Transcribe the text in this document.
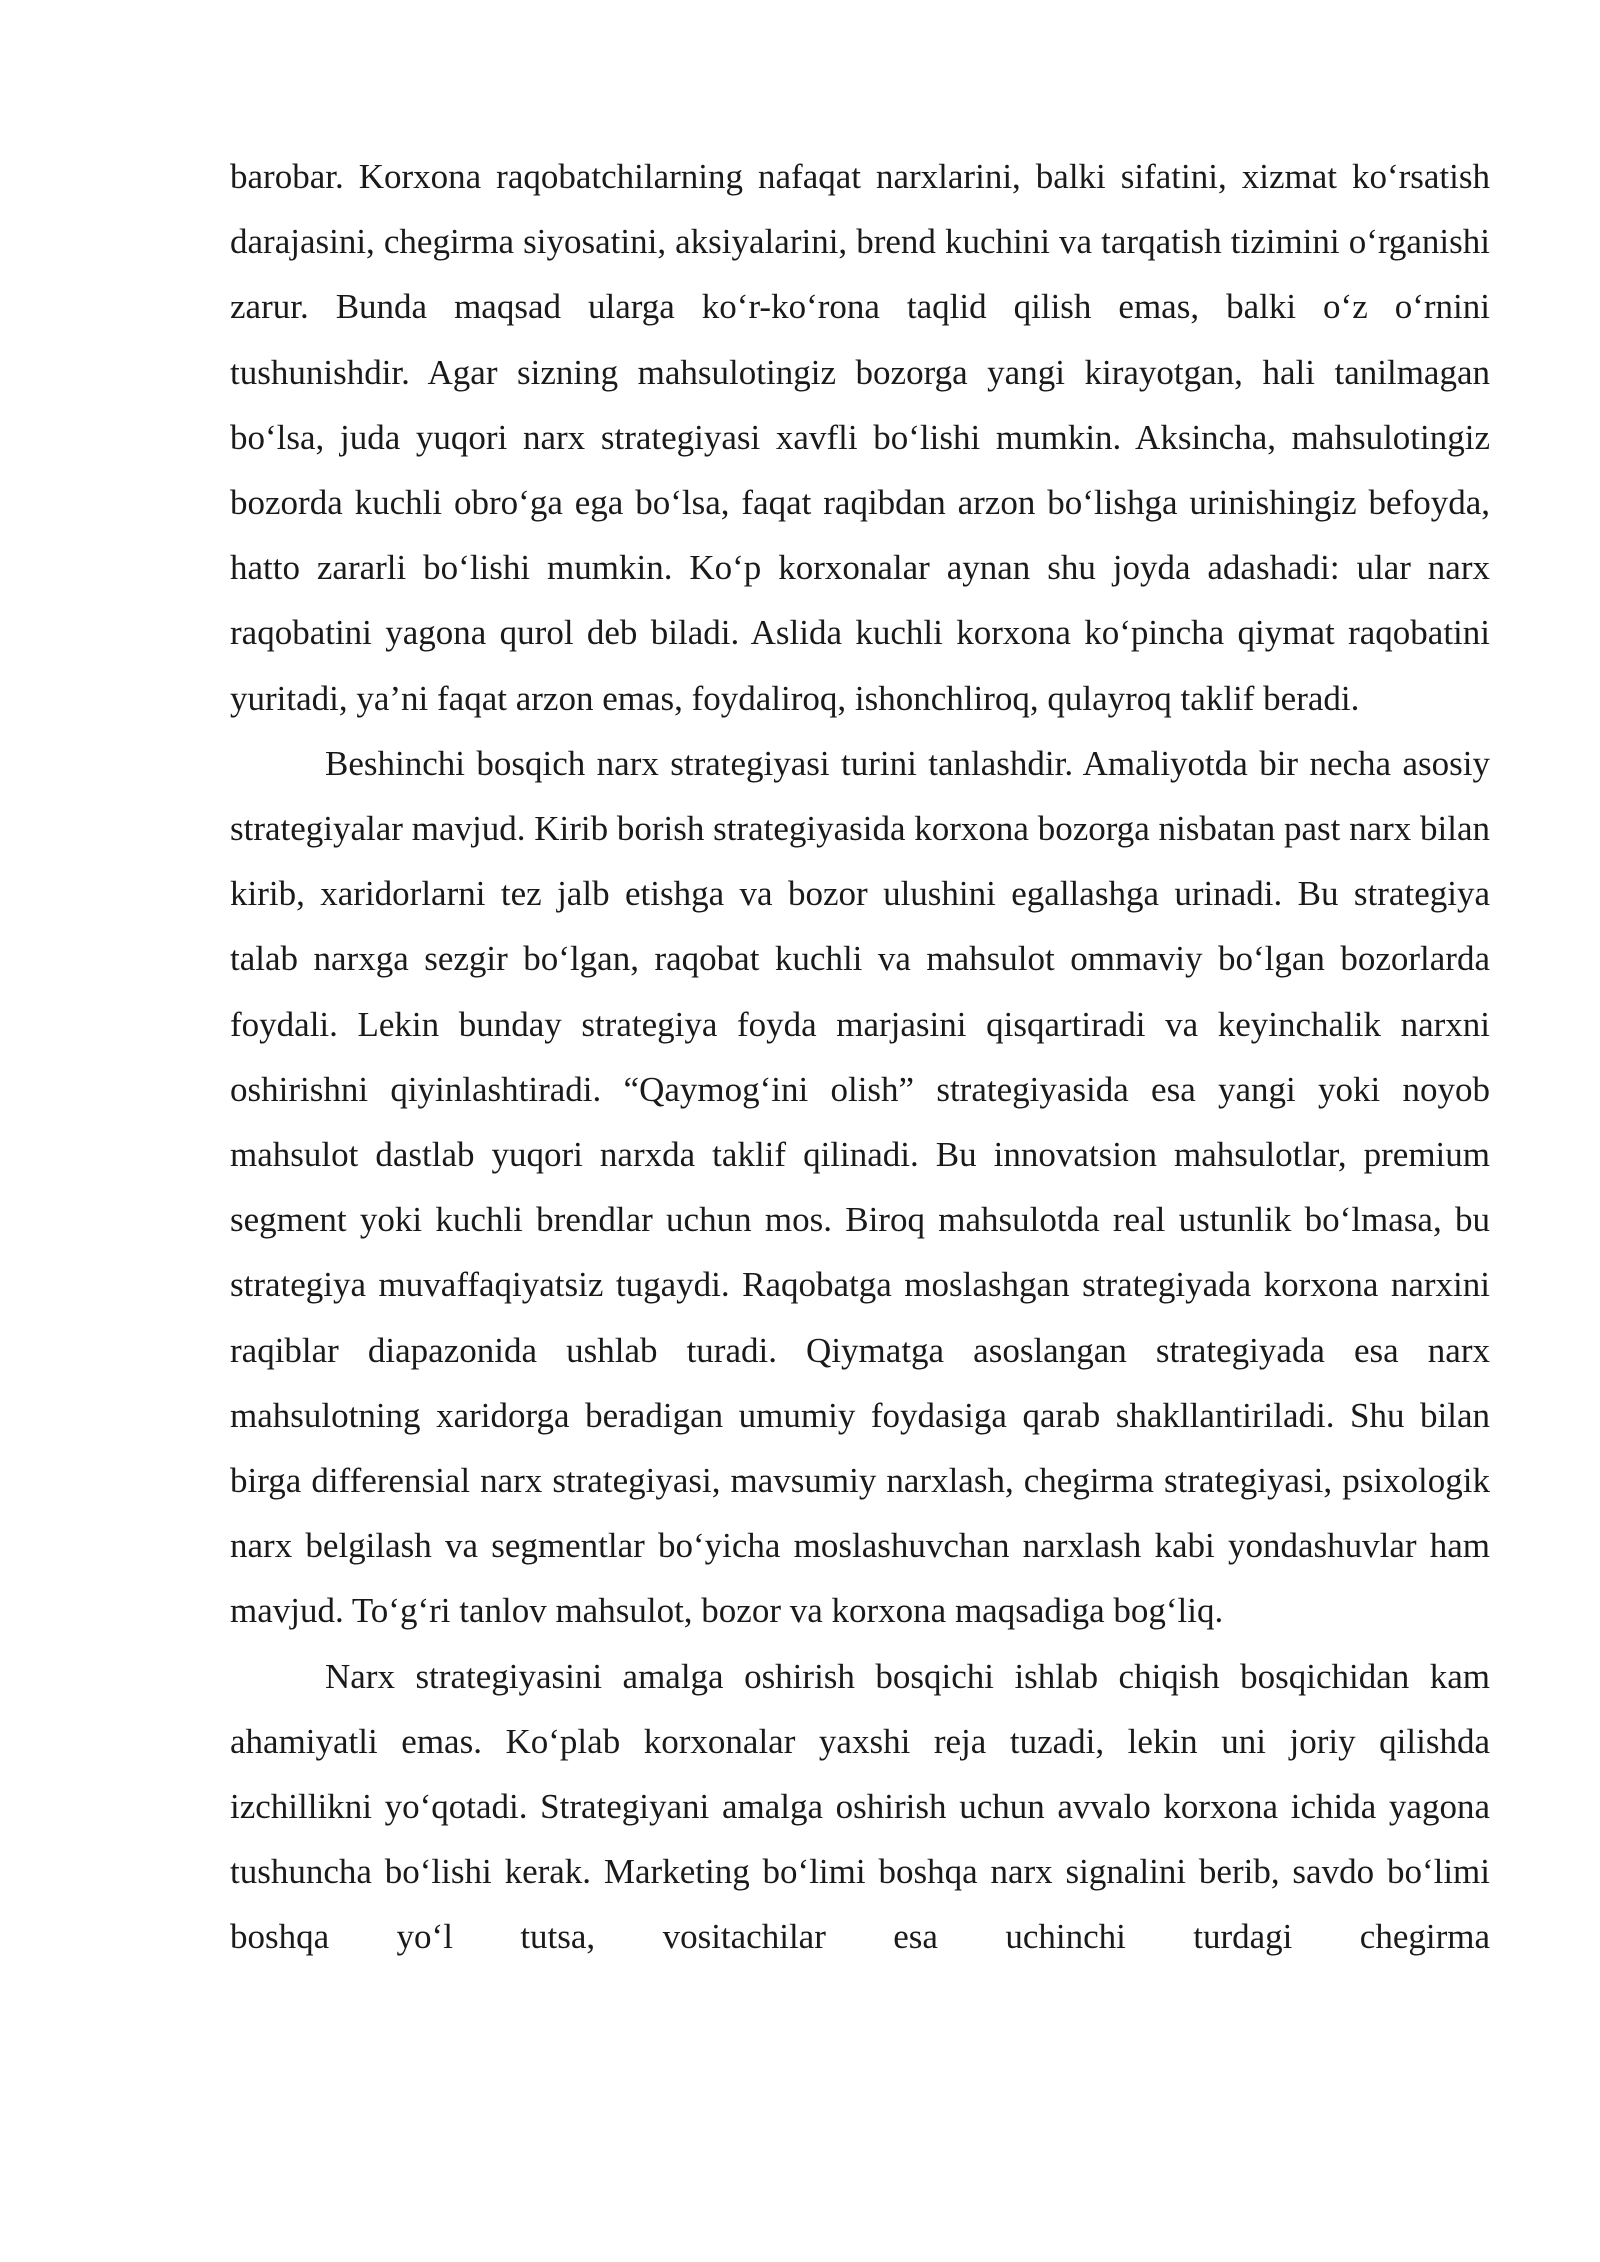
barobar. Korxona raqobatchilarning nafaqat narxlarini, balki sifatini, xizmat koʻrsatish darajasini, chegirma siyosatini, aksiyalarini, brend kuchini va tarqatish tizimini oʻrganishi zarur. Bunda maqsad ularga koʻr-koʻrona taqlid qilish emas, balki oʻz oʻrnini tushunishdir. Agar sizning mahsulotingiz bozorga yangi kirayotgan, hali tanilmagan boʻlsa, juda yuqori narx strategiyasi xavfli boʻlishi mumkin. Aksincha, mahsulotingiz bozorda kuchli obroʻga ega boʻlsa, faqat raqibdan arzon boʻlishga urinishingiz befoyda, hatto zararli boʻlishi mumkin. Koʻp korxonalar aynan shu joyda adashadi: ular narx raqobatini yagona qurol deb biladi. Aslida kuchli korxona koʻpincha qiymat raqobatini yuritadi, ya’ni faqat arzon emas, foydaliroq, ishonchliroq, qulayroq taklif beradi.

Beshinchi bosqich narx strategiyasi turini tanlashdir. Amaliyotda bir necha asosiy strategiyalar mavjud. Kirib borish strategiyasida korxona bozorga nisbatan past narx bilan kirib, xaridorlarni tez jalb etishga va bozor ulushini egallashga urinadi. Bu strategiya talab narxga sezgir boʻlgan, raqobat kuchli va mahsulot ommaviy boʻlgan bozorlarda foydali. Lekin bunday strategiya foyda marjasini qisqartiradi va keyinchalik narxni oshirishni qiyinlashtiradi. “Qaymogʻini olish” strategiyasida esa yangi yoki noyob mahsulot dastlab yuqori narxda taklif qilinadi. Bu innovatsion mahsulotlar, premium segment yoki kuchli brendlar uchun mos. Biroq mahsulotda real ustunlik boʻlmasa, bu strategiya muvaffaqiyatsiz tugaydi. Raqobatga moslashgan strategiyada korxona narxini raqiblar diapazonida ushlab turadi. Qiymatga asoslangan strategiyada esa narx mahsulotning xaridorga beradigan umumiy foydasiga qarab shakllantiriladi. Shu bilan birga differensial narx strategiyasi, mavsumiy narxlash, chegirma strategiyasi, psixologik narx belgilash va segmentlar boʻyicha moslashuvchan narxlash kabi yondashuvlar ham mavjud. Toʻgʻri tanlov mahsulot, bozor va korxona maqsadiga bogʻliq.

Narx strategiyasini amalga oshirish bosqichi ishlab chiqish bosqichidan kam ahamiyatli emas. Koʻplab korxonalar yaxshi reja tuzadi, lekin uni joriy qilishda izchillikni yoʻqotadi. Strategiyani amalga oshirish uchun avvalo korxona ichida yagona tushuncha boʻlishi kerak. Marketing boʻlimi boshqa narx signalini berib, savdo boʻlimi boshqa yoʻl tutsa, vositachilar esa uchinchi turdagi chegirma
